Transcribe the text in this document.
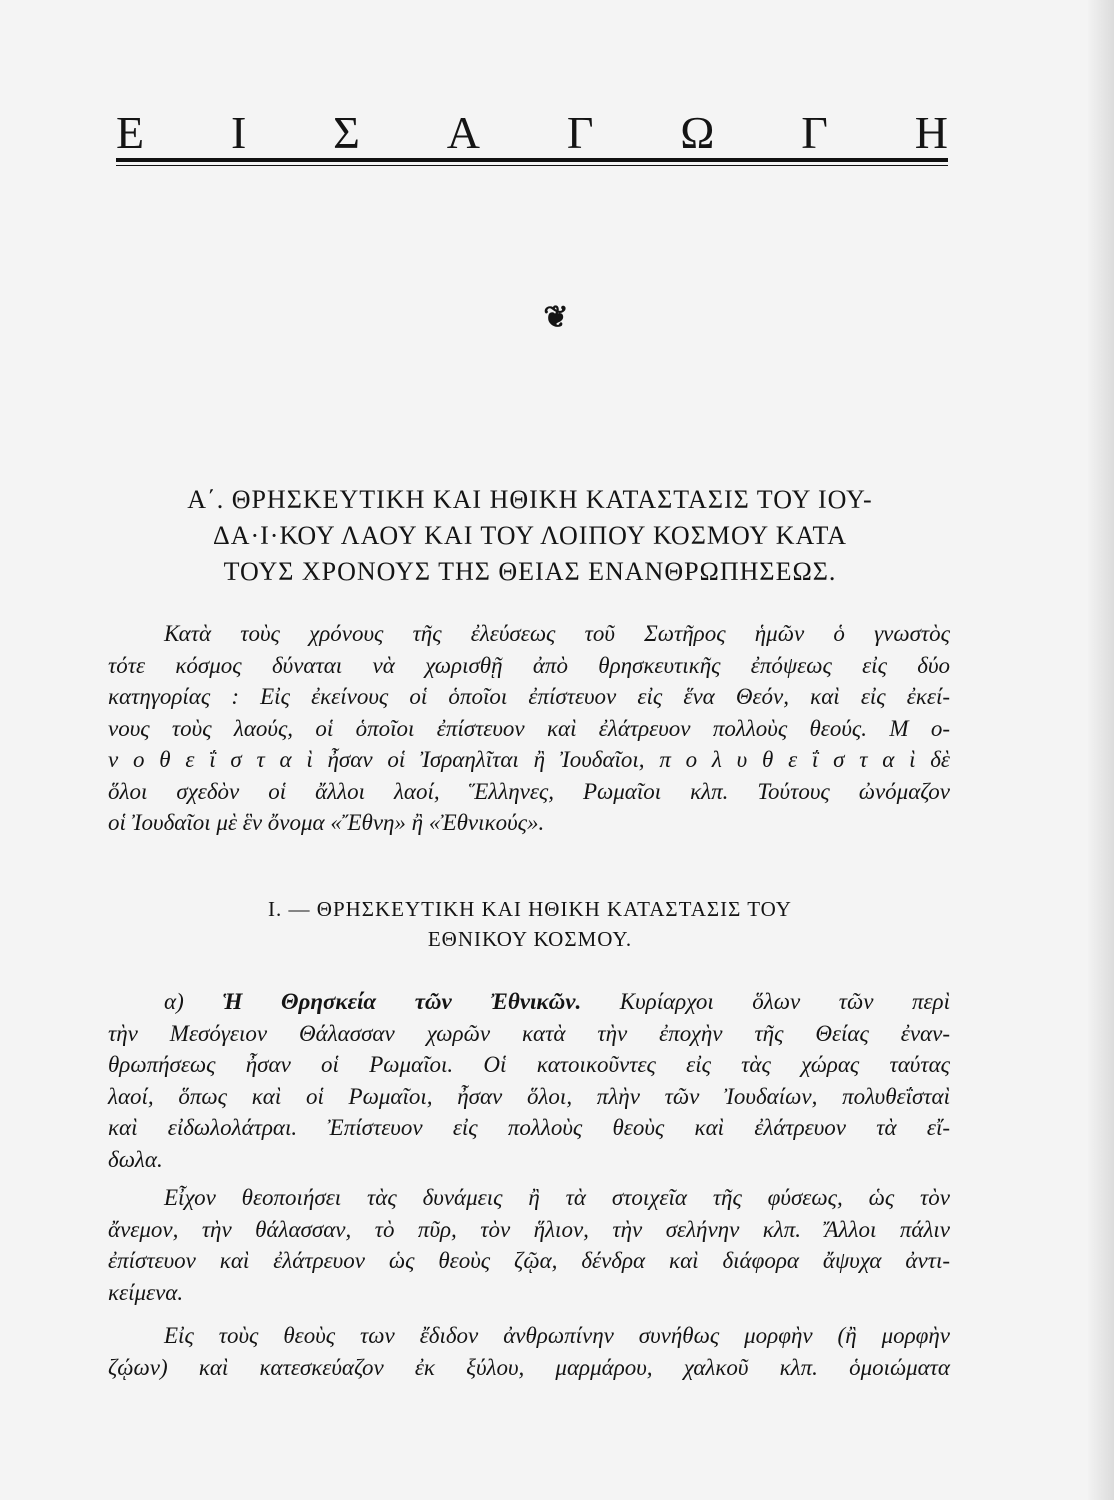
Ε Ι Σ Α Γ Ω Γ Η
❦
Α΄. ΘΡΗΣΚΕΥΤΙΚΗ ΚΑΙ ΗΘΙΚΗ ΚΑΤΑΣΤΑΣΙΣ ΤΟΥ ΙΟΥ-
ΔΑ·Ι·ΚΟΥ ΛΑΟΥ ΚΑΙ ΤΟΥ ΛΟΙΠΟΥ ΚΟΣΜΟΥ ΚΑΤΑ
ΤΟΥΣ ΧΡΟΝΟΥΣ ΤΗΣ ΘΕΙΑΣ ΕΝΑΝΘΡΩΠΗΣΕΩΣ.
Κατὰ τοὺς χρόνους τῆς ἐλεύσεως τοῦ Σωτῆρος ἡμῶν ὁ γνωστὸς
τότε κόσμος δύναται νὰ χωρισθῇ ἀπὸ θρησκευτικῆς ἐπόψεως εἰς δύο
κατηγορίας : Εἰς ἐκείνους οἱ ὁποῖοι ἐπίστευον εἰς ἕνα Θεόν, καὶ εἰς ἐκεί-
νους τοὺς λαούς, οἱ ὁποῖοι ἐπίστευον καὶ ἐλάτρευον πολλοὺς θεούς. Μ ο-
ν ο θ ε ΐ σ τ α ὶ ἦσαν οἱ Ἰσραηλῖται ἢ Ἰουδαῖοι, π ο λ υ θ ε ΐ σ τ α ὶ δὲ
ὅλοι σχεδὸν οἱ ἄλλοι λαοί, Ἕλληνες, Ρωμαῖοι κλπ. Τούτους ὠνόμαζον
οἱ Ἰουδαῖοι μὲ ἓν ὄνομα «Ἔθνη» ἢ «Ἐθνικούς».
Ι. — ΘΡΗΣΚΕΥΤΙΚΗ ΚΑΙ ΗΘΙΚΗ ΚΑΤΑΣΤΑΣΙΣ ΤΟΥ
ΕΘΝΙΚΟΥ ΚΟΣΜΟΥ.
α) Ἡ Θρησκεία τῶν Ἐθνικῶν. Κυρίαρχοι ὅλων τῶν περὶ
τὴν Μεσόγειον Θάλασσαν χωρῶν κατὰ τὴν ἐποχὴν τῆς Θείας ἐναν-
θρωπήσεως ἦσαν οἱ Ρωμαῖοι. Οἱ κατοικοῦντες εἰς τὰς χώρας ταύτας
λαοί, ὅπως καὶ οἱ Ρωμαῖοι, ἦσαν ὅλοι, πλὴν τῶν Ἰουδαίων, πολυθεΐσταὶ
καὶ εἰδωλολάτραι. Ἐπίστευον εἰς πολλοὺς θεοὺς καὶ ἐλάτρευον τὰ εἴ-
δωλα.
Εἶχον θεοποιήσει τὰς δυνάμεις ἢ τὰ στοιχεῖα τῆς φύσεως, ὡς τὸν
ἄνεμον, τὴν θάλασσαν, τὸ πῦρ, τὸν ἥλιον, τὴν σελήνην κλπ. Ἄλλοι πάλιν
ἐπίστευον καὶ ἐλάτρευον ὡς θεοὺς ζῷα, δένδρα καὶ διάφορα ἄψυχα ἀντι-
κείμενα.
Εἰς τοὺς θεοὺς των ἔδιδον ἀνθρωπίνην συνήθως μορφὴν (ἢ μορφὴν
ζῴων) καὶ κατεσκεύαζον ἐκ ξύλου, μαρμάρου, χαλκοῦ κλπ. ὁμοιώματα
